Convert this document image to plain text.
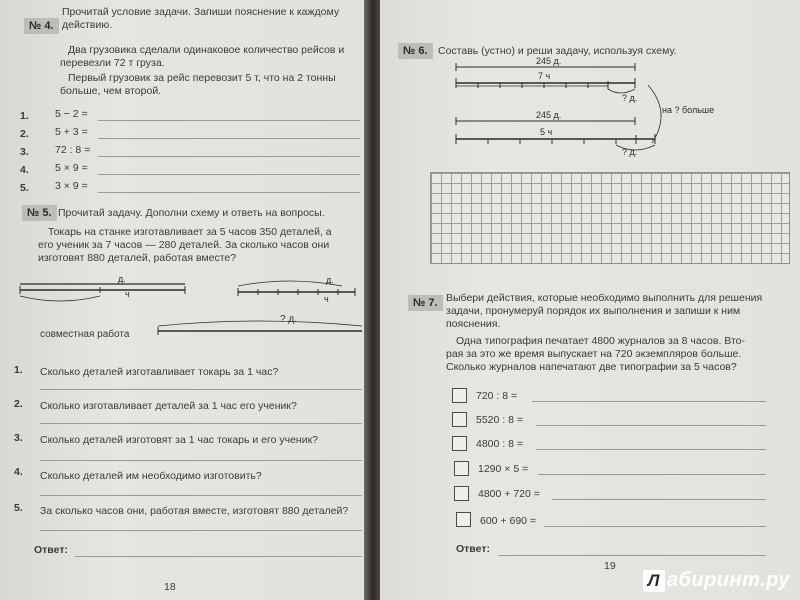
№ 4.
Прочитай условие задачи. Запиши пояснение к каждому действию.
Два грузовика сделали одинаковое количество рейсов и перевезли 72 т груза.
Первый грузовик за рейс перевозит 5 т, что на 2 тонны больше, чем второй.
1. 5 − 2 =
2. 5 + 3 =
3. 72 : 8 =
4. 5 × 9 =
5. 3 × 9 =
№ 5. Прочитай задачу. Дополни схему и ответь на вопросы.
Токарь на станке изготавливает за 5 часов 350 деталей, а
его ученик за 7 часов — 280 деталей. За сколько часов они
изготовят 880 деталей, работая вместе?
д.
ч
д.
ч
? д.
совместная работа
1. Сколько деталей изготавливает токарь за 1 час?
2. Сколько изготавливает деталей за 1 час его ученик?
3. Сколько деталей изготовят за 1 час токарь и его ученик?
4. Сколько деталей им необходимо изготовить?
5. За сколько часов они, работая вместе, изготовят 880 деталей?
Ответ:
18
№ 6.	Составь (устно) и реши задачу, используя схему.
245 д.
7 ч
? д.
245 д.
5 ч
? д.
на ? больше
№ 7. Выбери действия, которые необходимо выполнить для решения
задачи, пронумеруй порядок их выполнения и запиши к ним
пояснения.
Одна типография печатает 4800 журналов за 8 часов. Вто-
рая за это же время выпускает на 720 экземпляров больше.
Сколько журналов напечатают две типографии за 5 часов?
720 : 8 =
5520 : 8 =
4800 : 8 =
1290 × 5 =
4800 + 720 =
600 + 690 =
Ответ:
19
Л абиринт.ру
